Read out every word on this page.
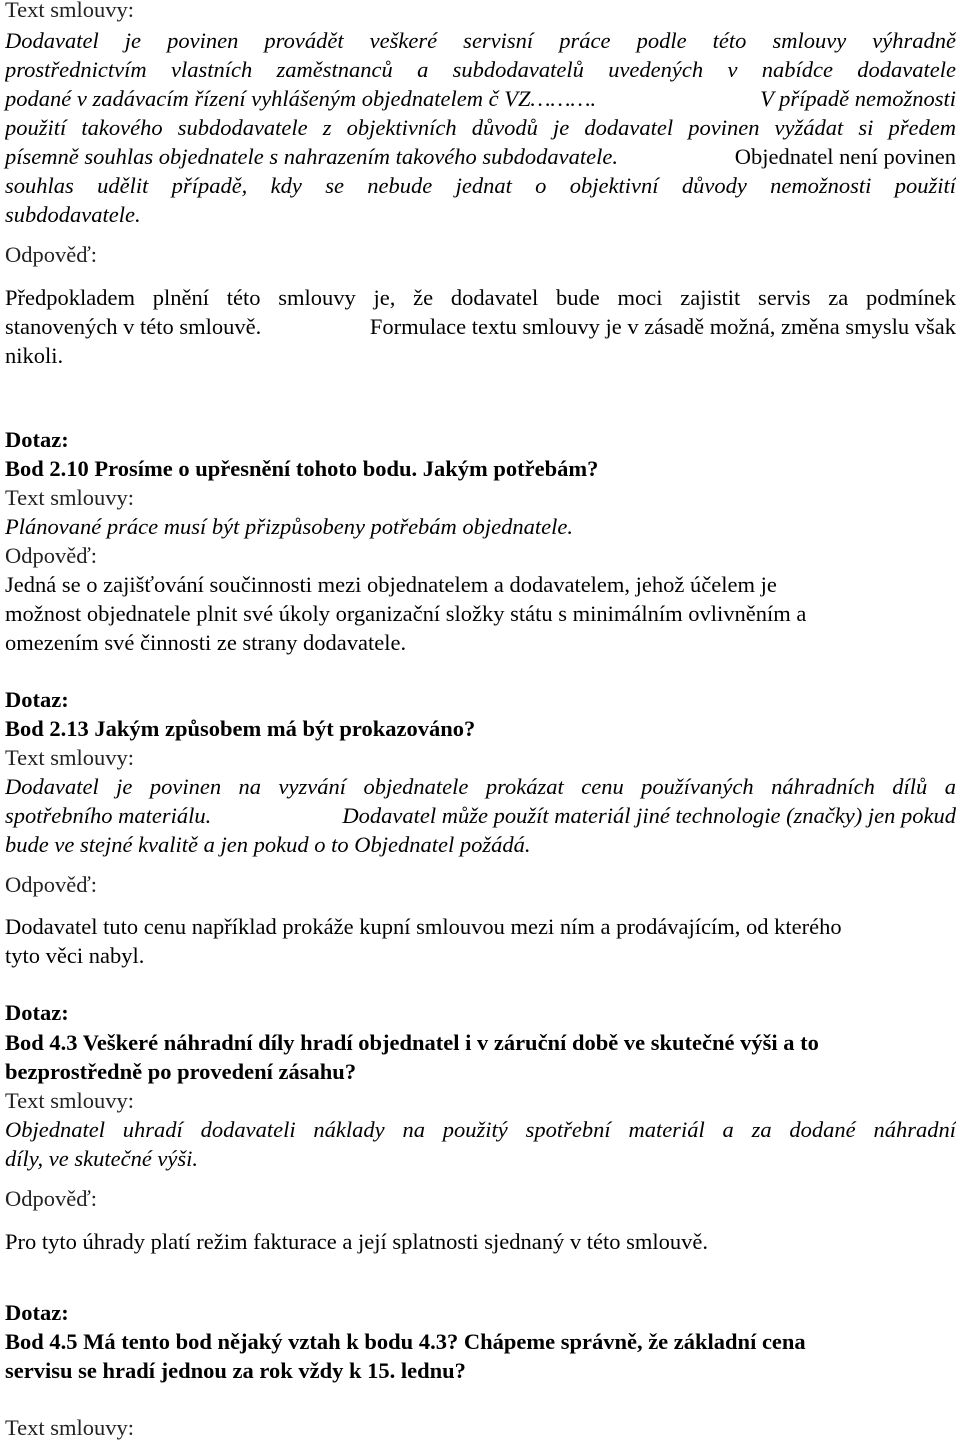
Text smlouvy:
Dodavatel je povinen provádět veškeré servisní práce podle této smlouvy výhradně
prostřednictvím vlastních zaměstnanců a subdodavatelů uvedených v nabídce dodavatele
podané v zadávacím řízení vyhlášeným objednatelem č VZ……….	V případě nemožnosti
použití takového subdodavatele z objektivních důvodů je dodavatel povinen vyžádat si předem
písemně souhlas objednatele s nahrazením takového subdodavatele.	Objednatel není povinen
souhlas udělit případě, kdy se nebude jednat o objektivní důvody nemožnosti použití
subdodavatele.
Odpověď:
Předpokladem plnění této smlouvy je, že dodavatel bude moci zajistit servis za podmínek
stanovených v této smlouvě.	Formulace textu smlouvy je v zásadě možná, změna smyslu však
nikoli.
Dotaz:
Bod 2.10 Prosíme o upřesnění tohoto bodu. Jakým potřebám?
Text smlouvy:
Plánované práce musí být přizpůsobeny potřebám objednatele.
Odpověď:
Jedná se o zajišťování součinnosti mezi objednatelem a dodavatelem, jehož účelem je
možnost objednatele plnit své úkoly organizační složky státu s minimálním ovlivněním a
omezením své činnosti ze strany dodavatele.
Dotaz:
Bod 2.13 Jakým způsobem má být prokazováno?
Text smlouvy:
Dodavatel je povinen na vyzvání objednatele prokázat cenu používaných náhradních dílů a
spotřebního materiálu.	Dodavatel může použít materiál jiné technologie (značky) jen pokud
bude ve stejné kvalitě a jen pokud o to Objednatel požádá.
Odpověď:
Dodavatel tuto cenu například prokáže kupní smlouvou mezi ním a prodávajícím, od kterého
tyto věci nabyl.
Dotaz:
Bod 4.3 Veškeré náhradní díly hradí objednatel i v záruční době ve skutečné výši a to
bezprostředně po provedení zásahu?
Text smlouvy:
Objednatel uhradí dodavateli náklady na použitý spotřební materiál a za dodané náhradní
díly, ve skutečné výši.
Odpověď:
Pro tyto úhrady platí režim fakturace a její splatnosti sjednaný v této smlouvě.
Dotaz:
Bod 4.5 Má tento bod nějaký vztah k bodu 4.3? Chápeme správně, že základní cena
servisu se hradí jednou za rok vždy k 15. lednu?
Text smlouvy:
